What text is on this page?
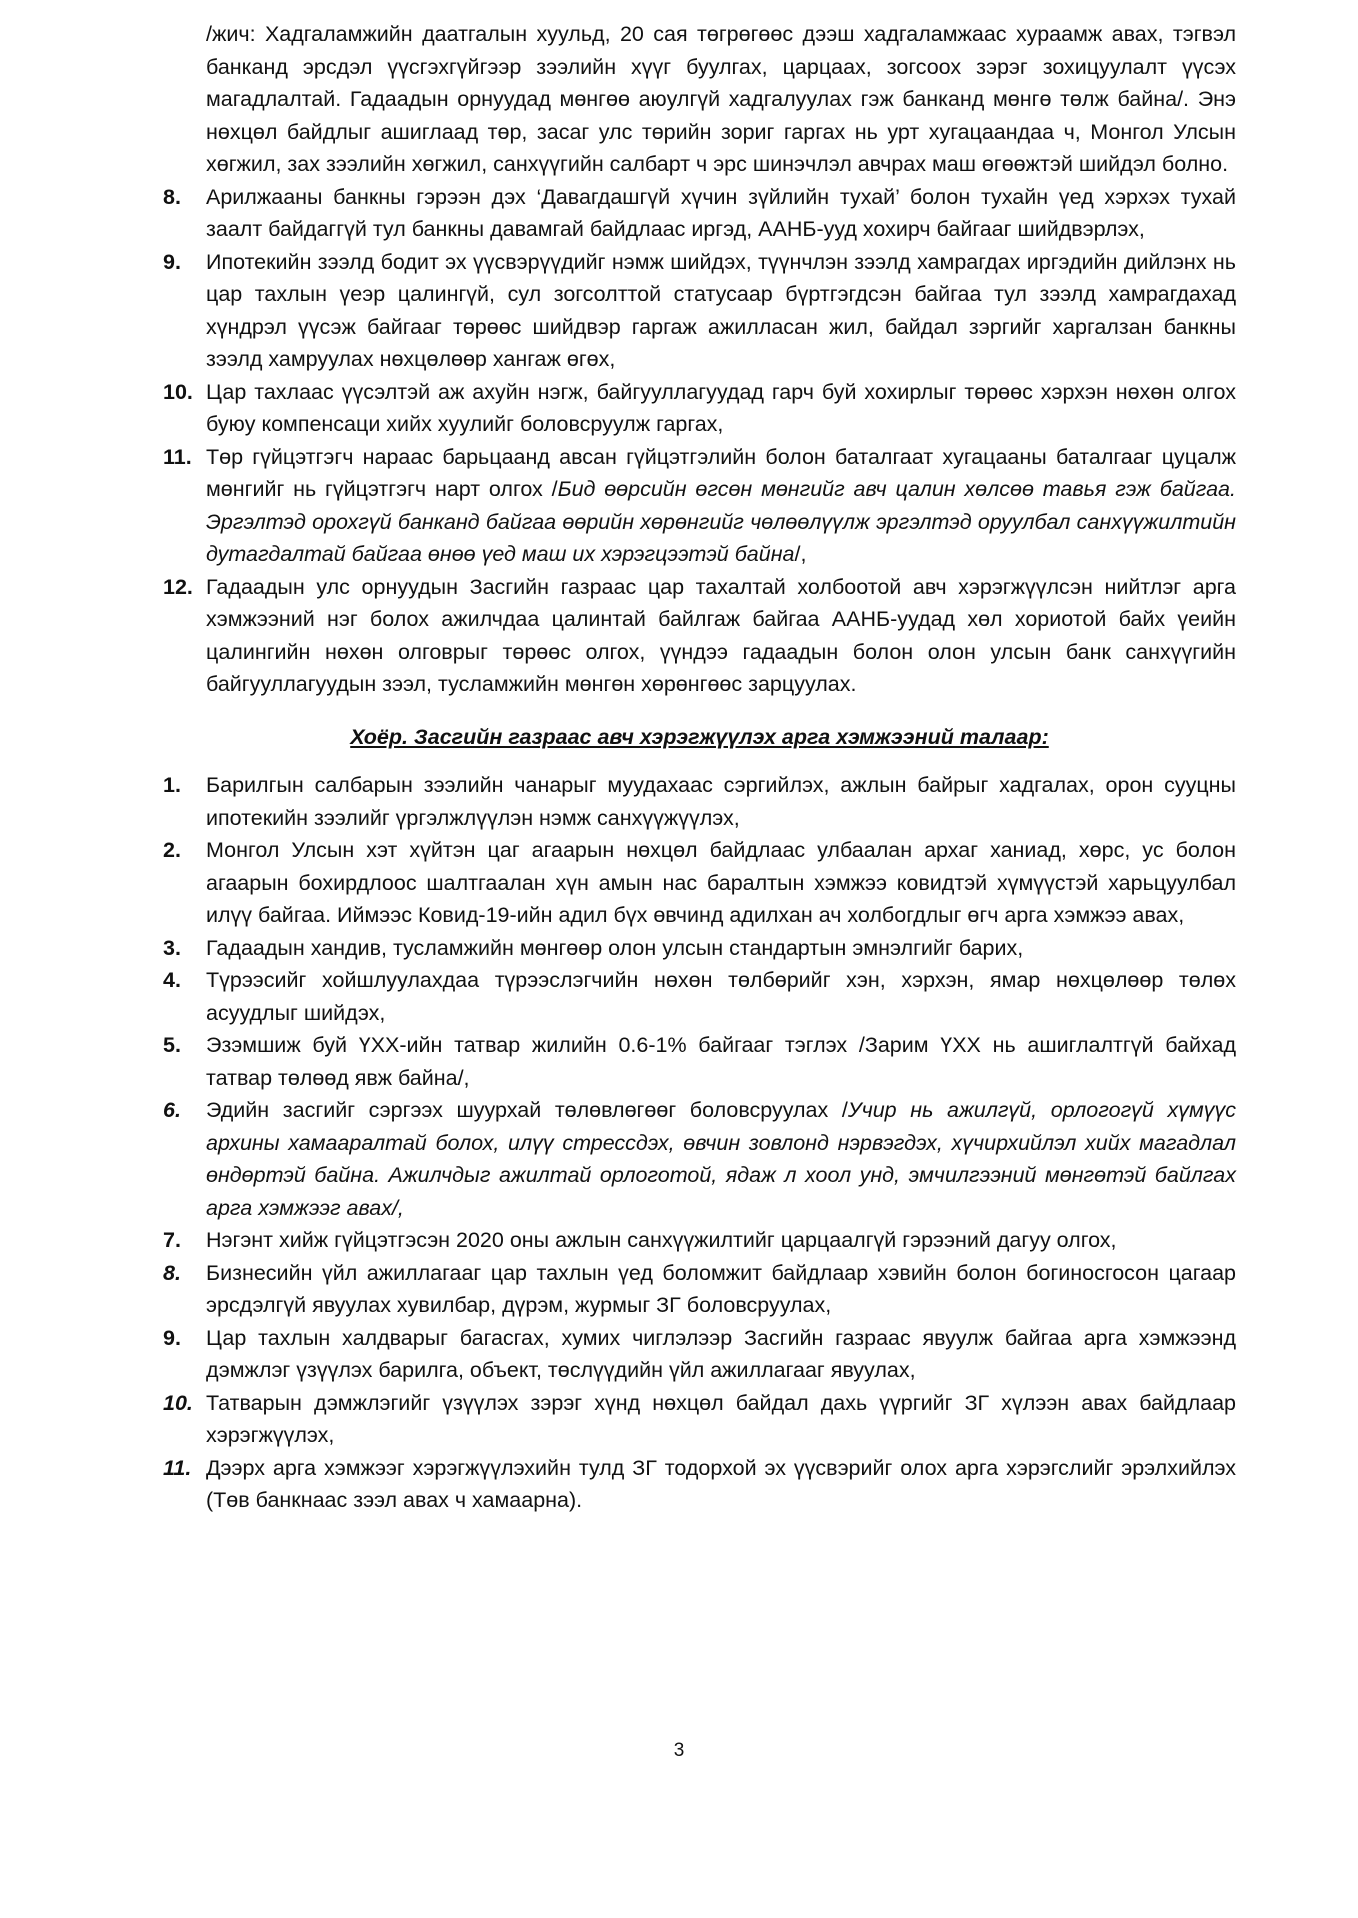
/жич: Хадгаламжийн даатгалын хуульд, 20 сая төгрөгөөс дээш хадгаламжаас хураамж авах, тэгвэл банканд эрсдэл үүсгэхгүйгээр зээлийн хүүг буулгах, царцаах, зогсоох зэрэг зохицуулалт үүсэх магадлалтай. Гадаадын орнуудад мөнгөө аюулгүй хадгалуулах гэж банканд мөнгө төлж байна/. Энэ нөхцөл байдлыг ашиглаад төр, засаг улс төрийн зориг гаргах нь урт хугацаандаа ч, Монгол Улсын хөгжил, зах зээлийн хөгжил, санхүүгийн салбарт ч эрс шинэчлэл авчрах маш өгөөжтэй шийдэл болно.

8.	Арилжааны банкны гэрээн дэх ‘Давагдашгүй хүчин зүйлийн тухай’ болон тухайн үед хэрхэх тухай заалт байдаггүй тул банкны давамгай байдлаас иргэд, ААНБ-ууд хохирч байгааг шийдвэрлэх,
9.	Ипотекийн зээлд бодит эх үүсвэрүүдийг нэмж шийдэх, түүнчлэн зээлд хамрагдах иргэдийн дийлэнх нь цар тахлын үеэр цалингүй, сул зогсолттой статусаар бүртгэгдсэн байгаа тул зээлд хамрагдахад хүндрэл үүсэж байгааг төрөөс шийдвэр гаргаж ажилласан жил, байдал зэргийг харгалзан банкны зээлд хамруулах нөхцөлөөр хангаж өгөх,
10. Цар тахлаас үүсэлтэй аж ахуйн нэгж, байгууллагуудад гарч буй хохирлыг төрөөс хэрхэн нөхөн олгох буюу компенсаци хийх хуулийг боловсруулж гаргах,
11. Төр гүйцэтгэгч нараас барьцаанд авсан гүйцэтгэлийн болон баталгаат хугацааны баталгааг цуцалж мөнгийг нь гүйцэтгэгч нарт олгох /Бид өөрсийн өгсөн мөнгийг авч цалин хөлсөө тавья гэж байгаа. Эргэлтэд орохгүй банканд байгаа өөрийн хөрөнгийг чөлөөлүүлж эргэлтэд оруулбал санхүүжилтийн дутагдалтай байгаа өнөө үед маш их хэрэгцээтэй байна/,
12. Гадаадын улс орнуудын Засгийн газраас цар тахалтай холбоотой авч хэрэгжүүлсэн нийтлэг арга хэмжээний нэг болох ажилчдаа цалинтай байлгаж байгаа ААНБ-уудад хөл хориотой байх үеийн цалингийн нөхөн олговрыг төрөөс олгох, үүндээ гадаадын болон олон улсын банк санхүүгийн байгууллагуудын зээл, тусламжийн мөнгөн хөрөнгөөс зарцуулах.
Хоёр. Засгийн газраас авч хэрэгжүүлэх арга хэмжээний талаар:
1.	Барилгын салбарын зээлийн чанарыг муудахаас сэргийлэх, ажлын байрыг хадгалах, орон сууцны ипотекийн зээлийг үргэлжлүүлэн нэмж санхүүжүүлэх,
2.	Монгол Улсын хэт хүйтэн цаг агаарын нөхцөл байдлаас улбаалан архаг ханиад, хөрс, ус болон агаарын бохирдлоос шалтгаалан хүн амын нас баралтын хэмжээ ковидтэй хүмүүстэй харьцуулбал илүү байгаа. Иймээс Ковид-19-ийн адил бүх өвчинд адилхан ач холбогдлыг өгч арга хэмжээ авах,
3.	Гадаадын хандив, тусламжийн мөнгөөр олон улсын стандартын эмнэлгийг барих,
4.	Түрээсийг хойшлуулахдаа түрээслэгчийн нөхөн төлбөрийг хэн, хэрхэн, ямар нөхцөлөөр төлөх асуудлыг шийдэх,
5.	Эзэмшиж буй ҮХХ-ийн татвар жилийн 0.6-1% байгааг тэглэх /Зарим ҮХХ нь ашиглалтгүй байхад татвар төлөөд явж байна/,
6.	Эдийн засгийг сэргээх шуурхай төлөвлөгөөг боловсруулах /Учир нь ажилгүй, орлогогүй хүмүүс архины хамааралтай болох, илүү стрессдэх, өвчин зовлонд нэрвэгдэх, хүчирхийлэл хийх магадлал өндөртэй байна. Ажилчдыг ажилтай орлоготой, ядаж л хоол унд, эмчилгээний мөнгөтэй байлгах арга хэмжээг авах/,
7.	Нэгэнт хийж гүйцэтгэсэн 2020 оны ажлын санхүүжилтийг царцаалгүй гэрээний дагуу олгох,
8.	Бизнесийн үйл ажиллагааг цар тахлын үед боломжит байдлаар хэвийн болон богиносгосон цагаар эрсдэлгүй явуулах хувилбар, дүрэм, журмыг ЗГ боловсруулах,
9.	Цар тахлын халдварыг багасгах, хумих чиглэлээр Засгийн газраас явуулж байгаа арга хэмжээнд дэмжлэг үзүүлэх барилга, объект, төслүүдийн үйл ажиллагааг явуулах,
10. Татварын дэмжлэгийг үзүүлэх зэрэг хүнд нөхцөл байдал дахь үүргийг ЗГ хүлээн авах байдлаар хэрэгжүүлэх,
11. Дээрх арга хэмжээг хэрэгжүүлэхийн тулд ЗГ тодорхой эх үүсвэрийг олох арга хэрэгслийг эрэлхийлэх (Төв банкнаас зээл авах ч хамаарна).
3
